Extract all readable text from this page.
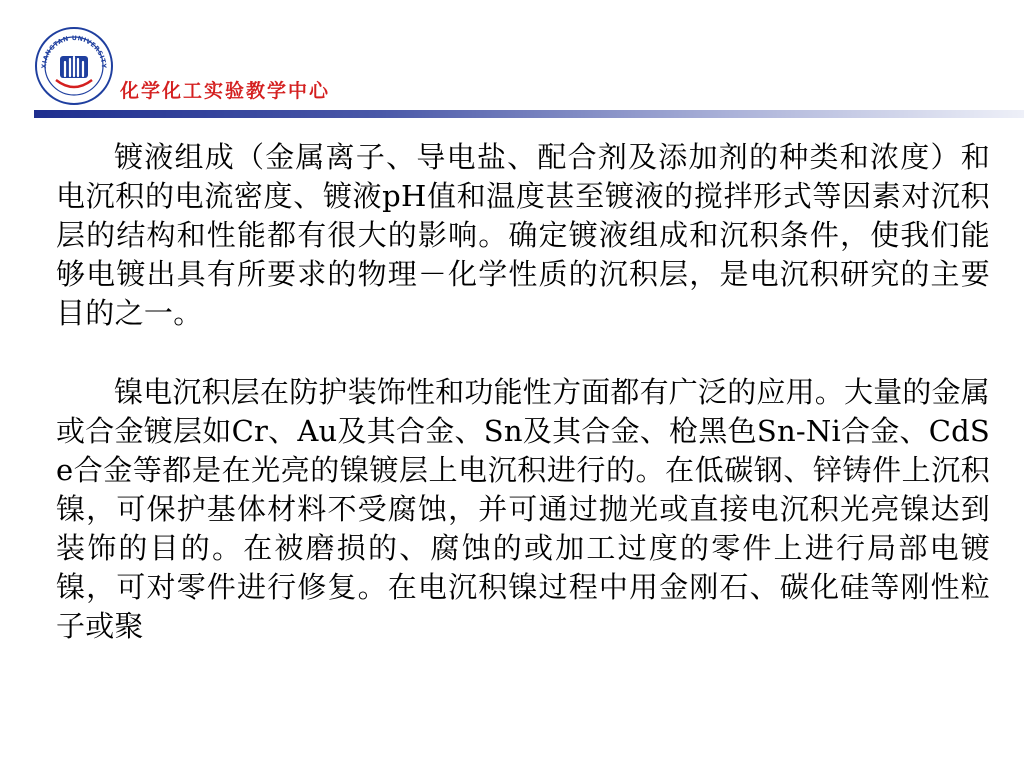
XIANGTAN UNIVERSITY
化学化工实验教学中心

镀液组成（金属离子、导电盐、配合剂及添加剂的种类和浓度）和电沉积的电流密度、镀液pH值和温度甚至镀液的搅拌形式等因素对沉积层的结构和性能都有很大的影响。确定镀液组成和沉积条件，使我们能够电镀出具有所要求的物理－化学性质的沉积层，是电沉积研究的主要目的之一。

镍电沉积层在防护装饰性和功能性方面都有广泛的应用。大量的金属或合金镀层如Cr、Au及其合金、Sn及其合金、枪黑色Sn-Ni合金、CdSe合金等都是在光亮的镍镀层上电沉积进行的。在低碳钢、锌铸件上沉积镍，可保护基体材料不受腐蚀，并可通过抛光或直接电沉积光亮镍达到装饰的目的。在被磨损的、腐蚀的或加工过度的零件上进行局部电镀镍，可对零件进行修复。在电沉积镍过程中用金刚石、碳化硅等刚性粒子或聚
